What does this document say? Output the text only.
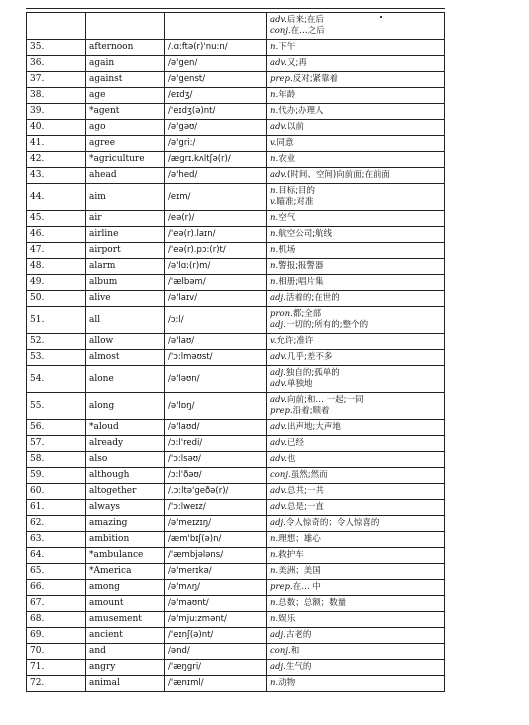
			adv.后来;在后
conj.在…之后

35.	afternoon	/.ɑ:ftə(r)'nu:n/	n.下午

36.	again	/ə'gen/	adv.又;再

37.	against	/ə'genst/	prep.反对;紧靠着

38.	age	/eɪdʒ/	n.年龄

39.	*agent	/'eɪdʒ(ə)nt/	n.代办;办理人

40.	ago	/ə'gəʊ/	adv.以前

41.	agree	/ə'gri:/	v.同意

42.	*agriculture	/ægrɪ.kʌltʃə(r)/	n.农业

43.	ahead	/ə'hed/	adv.(时间、空间)向前面;在前面

44.	aim	/eɪm/	n.目标;目的
v.瞄准;对准

45.	air	/eə(r)/	n.空气

46.	airline	/'eə(r).laɪn/	n.航空公司;航线

47.	airport	/'eə(r).pɔ:(r)t/	n.机场

48.	alarm	/ə'lɑ:(r)m/	n.警报;报警器

49.	album	/'ælbəm/	n.相册;唱片集

50.	alive	/ə'laɪv/	adj.活着的;在世的

51.	all	/ɔ:l/	pron.都;全部
adj.一切的;所有的;整个的

52.	allow	/ə'laʊ/	v.允许;准许

53.	almost	/'ɔ:lməʊst/	adv.几乎;差不多

54.	alone	/ə'ləʊn/	adj.独自的;孤单的
adv.单独地

55.	along	/ə'lɒŋ/	adv.向前;和… 一起;一同
prep.沿着;顺着

56.	*aloud	/ə'laʊd/	adv.出声地;大声地

57.	already	/ɔ:l'redi/	adv.已经

58.	also	/'ɔ:lsəʊ/	adv.也

59.	although	/ɔ:l'ðəʊ/	conj.虽然;然而

60.	altogether	/.ɔ:ltə'geðə(r)/	adv.总共;一共

61.	always	/'ɔ:lweɪz/	adv.总是;一直

62.	amazing	/ə'meɪzɪŋ/	adj.令人惊奇的；令人惊喜的

63.	ambition	/æm'bɪʃ(ə)n/	n.理想；雄心

64.	*ambulance	/'æmbjələns/	n.救护车

65.	*America	/ə'merɪkə/	n.美洲；美国

66.	among	/ə'mʌŋ/	prep.在… 中

67.	amount	/ə'maʊnt/	n.总数；总额；数量

68.	amusement	/ə'mju:zmənt/	n.娱乐

69.	ancient	/'eɪnʃ(ə)nt/	adj.古老的

70.	and	/ənd/	conj.和

71.	angry	/'æŋgri/	adj.生气的

72.	animal	/'ænɪml/	n.动物
